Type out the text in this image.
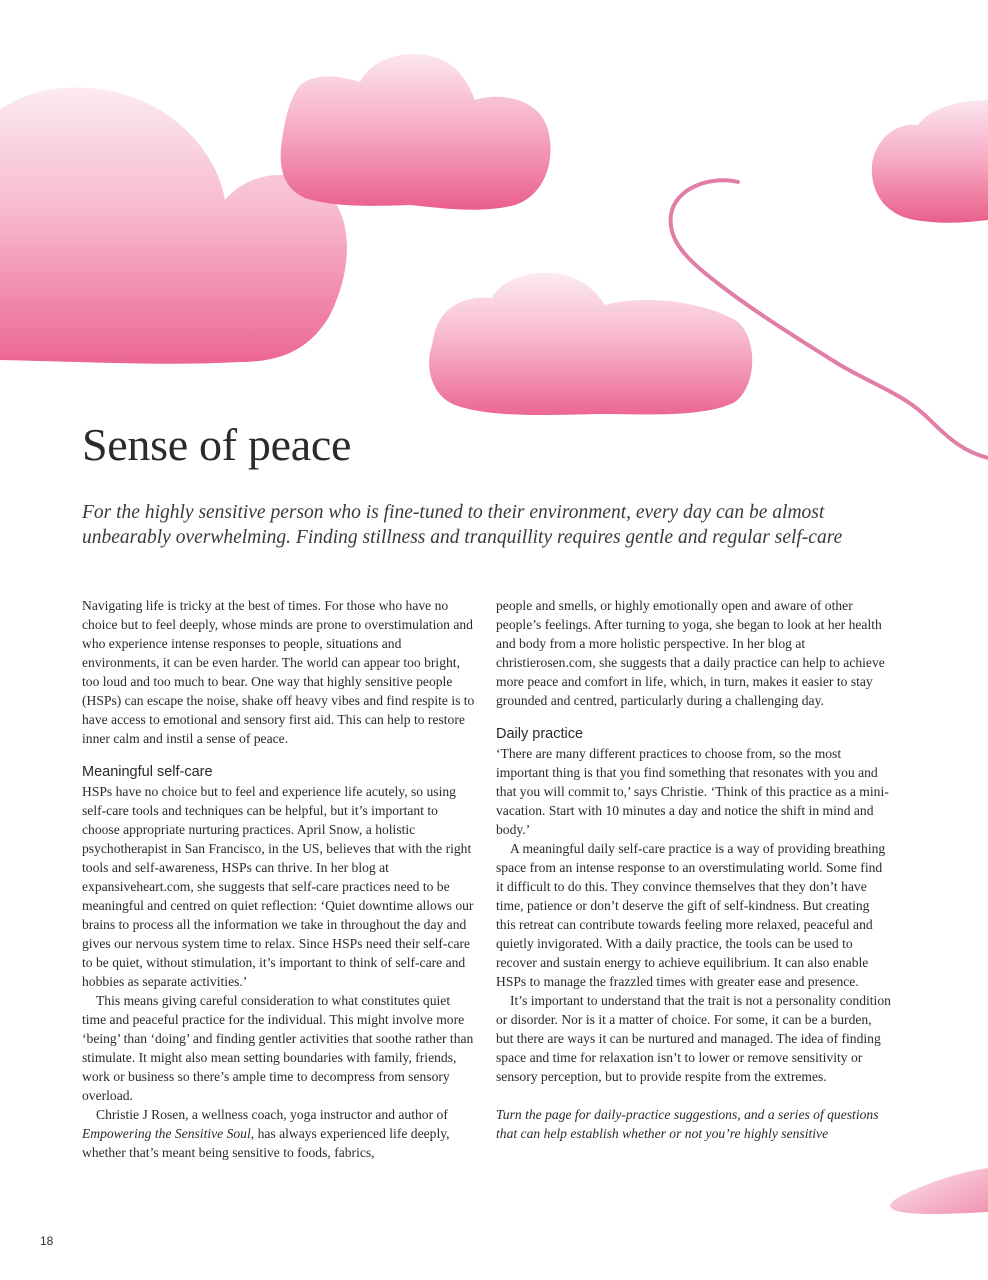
Sense of peace

For the highly sensitive person who is fine-tuned to their environment, every day can be almost unbearably overwhelming. Finding stillness and tranquillity requires gentle and regular self-care

Navigating life is tricky at the best of times. For those who have no choice but to feel deeply, whose minds are prone to overstimulation and who experience intense responses to people, situations and environments, it can be even harder. The world can appear too bright, too loud and too much to bear. One way that highly sensitive people (HSPs) can escape the noise, shake off heavy vibes and find respite is to have access to emotional and sensory first aid. This can help to restore inner calm and instil a sense of peace.

Meaningful self-care

HSPs have no choice but to feel and experience life acutely, so using self-care tools and techniques can be helpful, but it’s important to choose appropriate nurturing practices. April Snow, a holistic psychotherapist in San Francisco, in the US, believes that with the right tools and self-awareness, HSPs can thrive. In her blog at expansiveheart.com, she suggests that self-care practices need to be meaningful and centred on quiet reflection: ‘Quiet downtime allows our brains to process all the information we take in throughout the day and gives our nervous system time to relax. Since HSPs need their self-care to be quiet, without stimulation, it’s important to think of self-care and hobbies as separate activities.’

This means giving careful consideration to what constitutes quiet time and peaceful practice for the individual. This might involve more ‘being’ than ‘doing’ and finding gentler activities that soothe rather than stimulate. It might also mean setting boundaries with family, friends, work or business so there’s ample time to decompress from sensory overload.

Christie J Rosen, a wellness coach, yoga instructor and author of Empowering the Sensitive Soul, has always experienced life deeply, whether that’s meant being sensitive to foods, fabrics,

people and smells, or highly emotionally open and aware of other people’s feelings. After turning to yoga, she began to look at her health and body from a more holistic perspective. In her blog at christierosen.com, she suggests that a daily practice can help to achieve more peace and comfort in life, which, in turn, makes it easier to stay grounded and centred, particularly during a challenging day.

Daily practice

‘There are many different practices to choose from, so the most important thing is that you find something that resonates with you and that you will commit to,’ says Christie. ‘Think of this practice as a mini-vacation. Start with 10 minutes a day and notice the shift in mind and body.’

A meaningful daily self-care practice is a way of providing breathing space from an intense response to an overstimulating world. Some find it difficult to do this. They convince themselves that they don’t have time, patience or don’t deserve the gift of self-kindness. But creating this retreat can contribute towards feeling more relaxed, peaceful and quietly invigorated. With a daily practice, the tools can be used to recover and sustain energy to achieve equilibrium. It can also enable HSPs to manage the frazzled times with greater ease and presence.

It’s important to understand that the trait is not a personality condition or disorder. Nor is it a matter of choice. For some, it can be a burden, but there are ways it can be nurtured and managed. The idea of finding space and time for relaxation isn’t to lower or remove sensitivity or sensory perception, but to provide respite from the extremes.

Turn the page for daily-practice suggestions, and a series of questions that can help establish whether or not you’re highly sensitive

18
